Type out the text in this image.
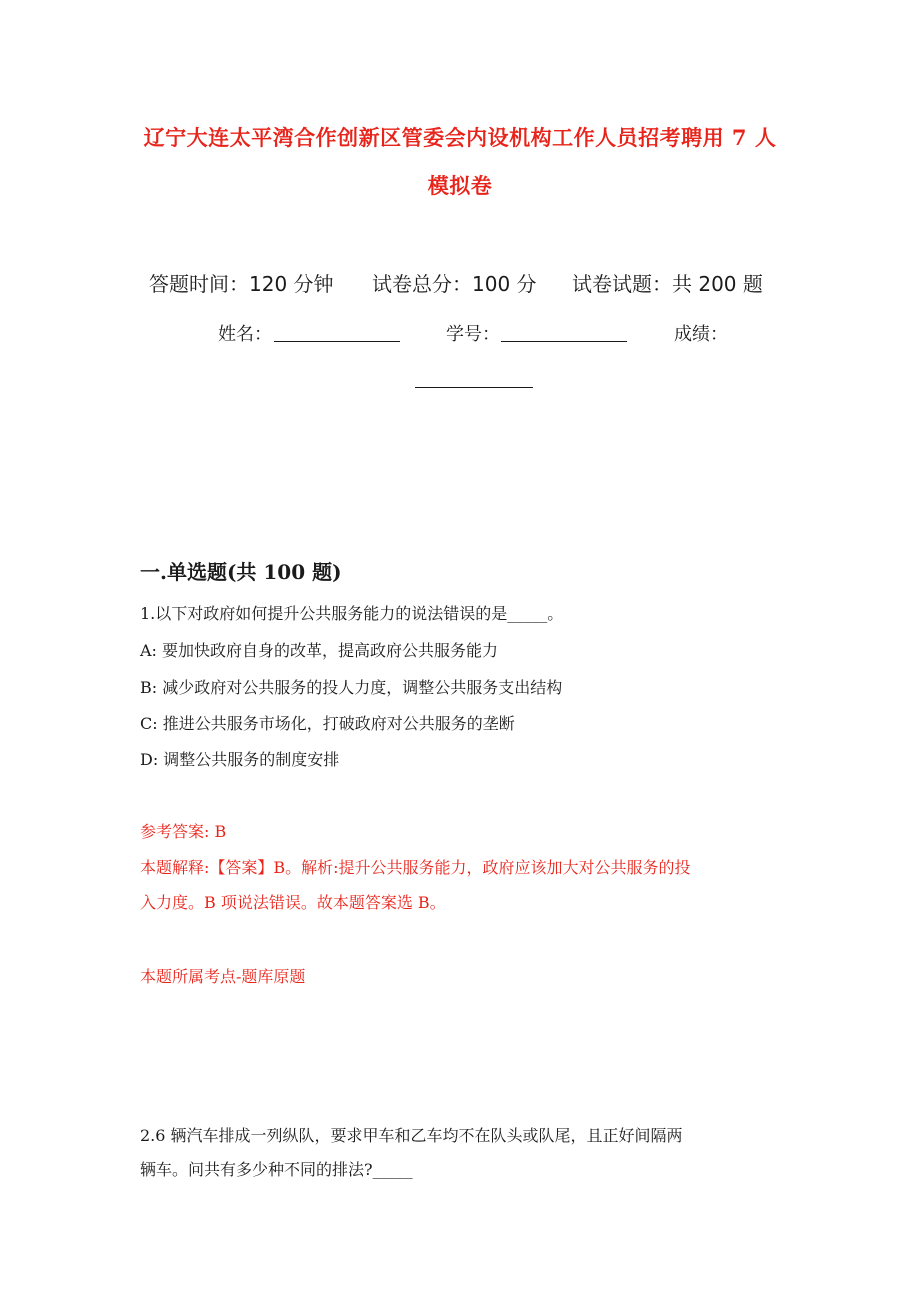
辽宁大连太平湾合作创新区管委会内设机构工作人员招考聘用 7 人
模拟卷
答题时间：120 分钟 试卷总分：100 分 试卷试题：共 200 题
姓名：	学号：	成绩：
一.单选题(共 100 题)
1.以下对政府如何提升公共服务能力的说法错误的是_____。
A: 要加快政府自身的改革，提高政府公共服务能力
B: 减少政府对公共服务的投人力度，调整公共服务支出结构
C: 推进公共服务市场化，打破政府对公共服务的垄断
D: 调整公共服务的制度安排
参考答案: B
本题解释:【答案】B。解析:提升公共服务能力，政府应该加大对公共服务的投
入力度。B 项说法错误。故本题答案选 B。
本题所属考点-题库原题
2.6 辆汽车排成一列纵队，要求甲车和乙车均不在队头或队尾，且正好间隔两
辆车。问共有多少种不同的排法?_____
